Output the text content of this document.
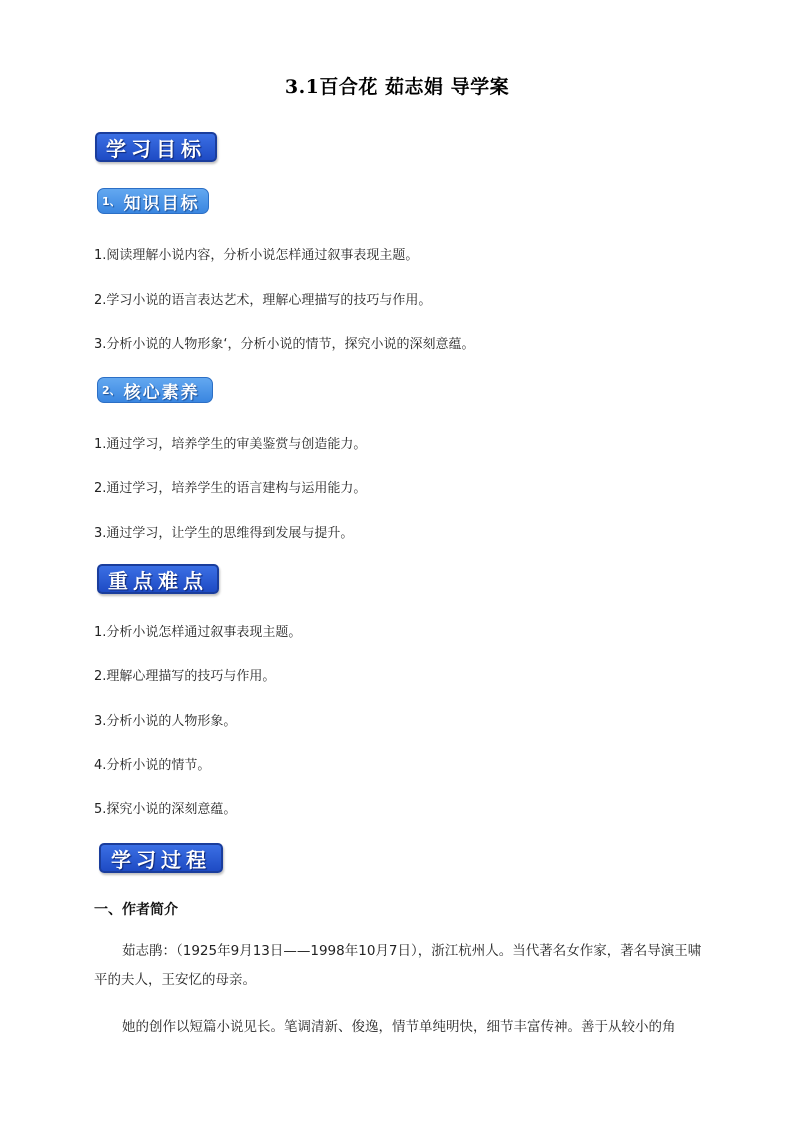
3.1百合花 茹志娟 导学案
学习目标
1、 知识目标
1.阅读理解小说内容，分析小说怎样通过叙事表现主题。
2.学习小说的语言表达艺术，理解心理描写的技巧与作用。
3.分析小说的人物形象‘，分析小说的情节，探究小说的深刻意蕴。
2、 核心素养
1.通过学习，培养学生的审美鉴赏与创造能力。
2.通过学习，培养学生的语言建构与运用能力。
3.通过学习，让学生的思维得到发展与提升。
重点难点
1.分析小说怎样通过叙事表现主题。
2.理解心理描写的技巧与作用。
3.分析小说的人物形象。
4.分析小说的情节。
5.探究小说的深刻意蕴。
学习过程
一、作者简介
茹志鹃：（1925年9月13日——1998年10月7日），浙江杭州人。当代著名女作家，著名导演王啸平的夫人，王安忆的母亲。
她的创作以短篇小说见长。笔调清新、俊逸，情节单纯明快，细节丰富传神。善于从较小的角
